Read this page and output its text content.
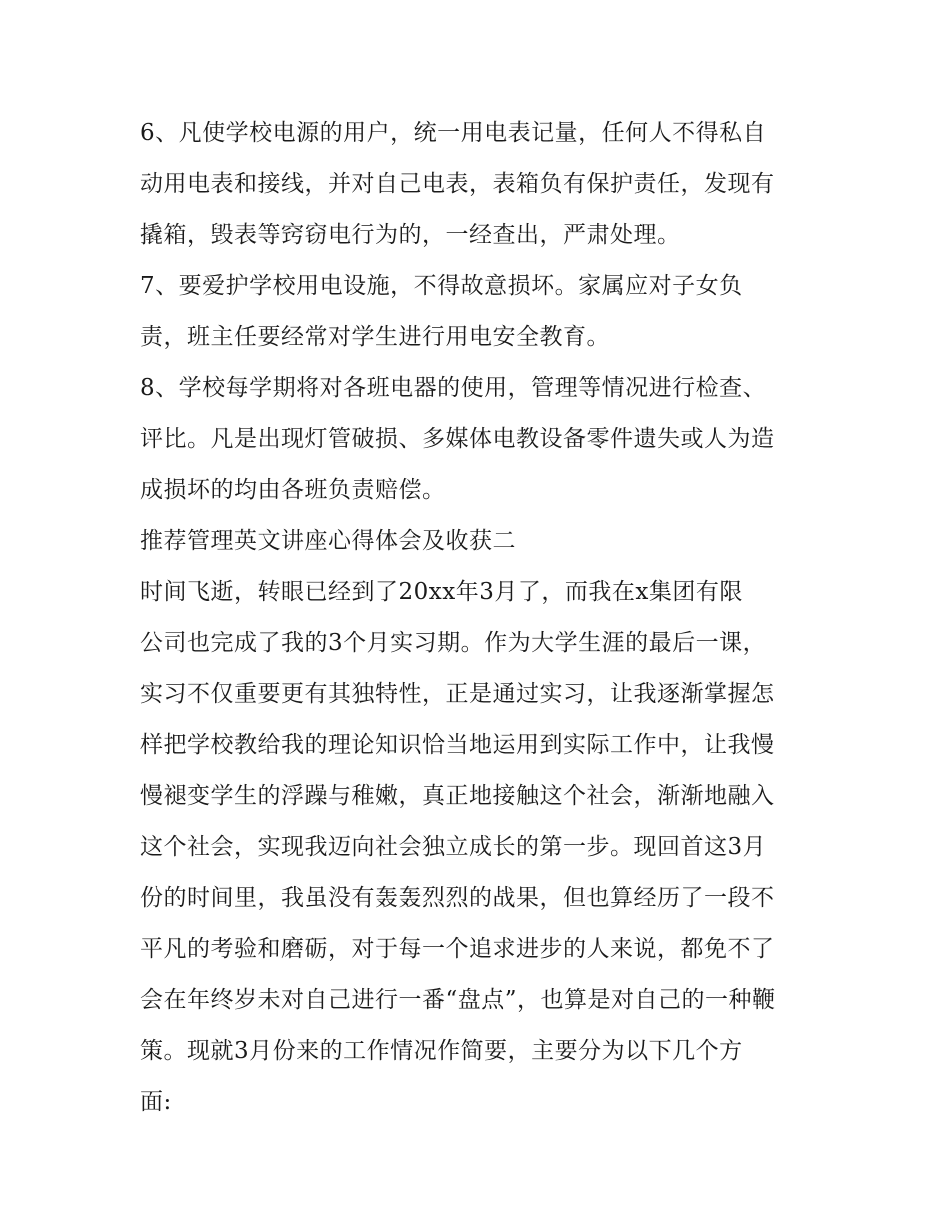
6、凡使学校电源的用户，统一用电表记量，任何人不得私自
动用电表和接线，并对自己电表，表箱负有保护责任，发现有
撬箱，毁表等窍窃电行为的，一经查出，严肃处理。
7、要爱护学校用电设施，不得故意损坏。家属应对子女负
责，班主任要经常对学生进行用电安全教育。
8、学校每学期将对各班电器的使用，管理等情况进行检查、
评比。凡是出现灯管破损、多媒体电教设备零件遗失或人为造
成损坏的均由各班负责赔偿。
推荐管理英文讲座心得体会及收获二
时间飞逝，转眼已经到了20xx年3月了，而我在x集团有限
公司也完成了我的3个月实习期。作为大学生涯的最后一课，
实习不仅重要更有其独特性，正是通过实习，让我逐渐掌握怎
样把学校教给我的理论知识恰当地运用到实际工作中，让我慢
慢褪变学生的浮躁与稚嫩，真正地接触这个社会，渐渐地融入
这个社会，实现我迈向社会独立成长的第一步。现回首这3月
份的时间里，我虽没有轰轰烈烈的战果，但也算经历了一段不
平凡的考验和磨砺，对于每一个追求进步的人来说，都免不了
会在年终岁未对自己进行一番“盘点”，也算是对自己的一种鞭
策。现就3月份来的工作情况作简要，主要分为以下几个方
面:
